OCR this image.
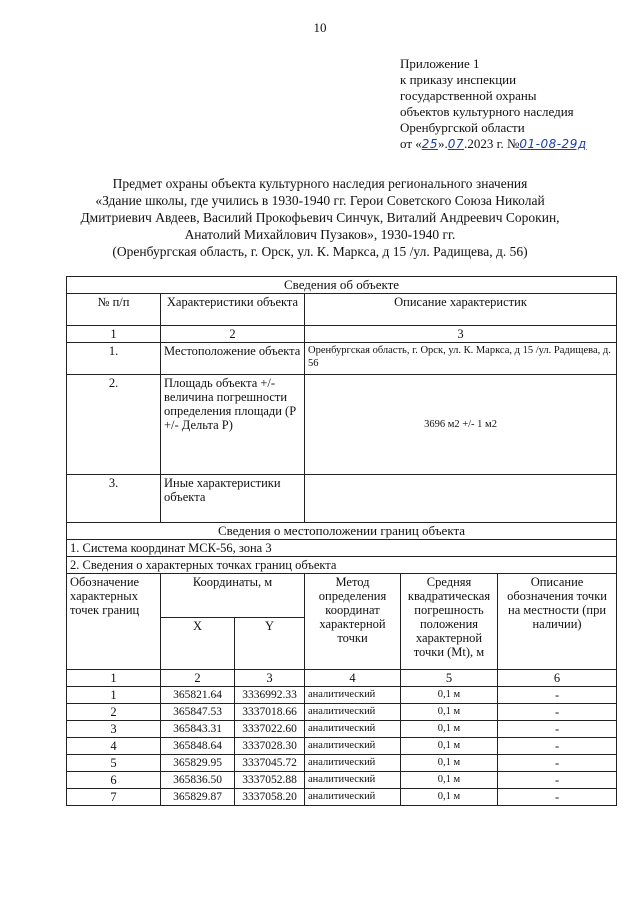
10
Приложение 1
к приказу инспекции
государственной охраны
объектов культурного наследия
Оренбургской области
от «25».07.2023 г. №01-08-29д
Предмет охраны объекта культурного наследия регионального значения
«Здание школы, где учились в 1930-1940 гг. Герои Советского Союза Николай
Дмитриевич Авдеев, Василий Прокофьевич Синчук, Виталий Андреевич Сорокин,
Анатолий Михайлович Пузаков», 1930-1940 гг.
(Оренбургская область, г. Орск, ул. К. Маркса, д 15 /ул. Радищева, д. 56)
Сведения об объекте					
№ п/п	Характеристики объекта		Описание характеристик		
1	2		3		
1.	Местоположение объекта		Оренбургская область, г. Орск, ул. К. Маркса, д 15 /ул. Радищева, д. 56		
2.	Площадь объекта +/- величина погрешности определения площади (Р +/- Дельта Р)		3696 м2 +/- 1 м2		
3.	Иные характеристики объекта				
Сведения о местоположении границ объекта					
1. Система координат МСК-56, зона 3					
2. Сведения о характерных точках границ объекта					
Обозначение характерных точек границ	Координаты, м		Метод определения координат характерной точки	Средняя квадратическая погрешность положения характерной точки (Mt), м	Описание обозначения точки на местности (при наличии)
	X	Y			
1	2	3	4	5	6
1	365821.64	3336992.33	аналитический	0,1 м	-
2	365847.53	3337018.66	аналитический	0,1 м	-
3	365843.31	3337022.60	аналитический	0,1 м	-
4	365848.64	3337028.30	аналитический	0,1 м	-
5	365829.95	3337045.72	аналитический	0,1 м	-
6	365836.50	3337052.88	аналитический	0,1 м	-
7	365829.87	3337058.20	аналитический	0,1 м	-
